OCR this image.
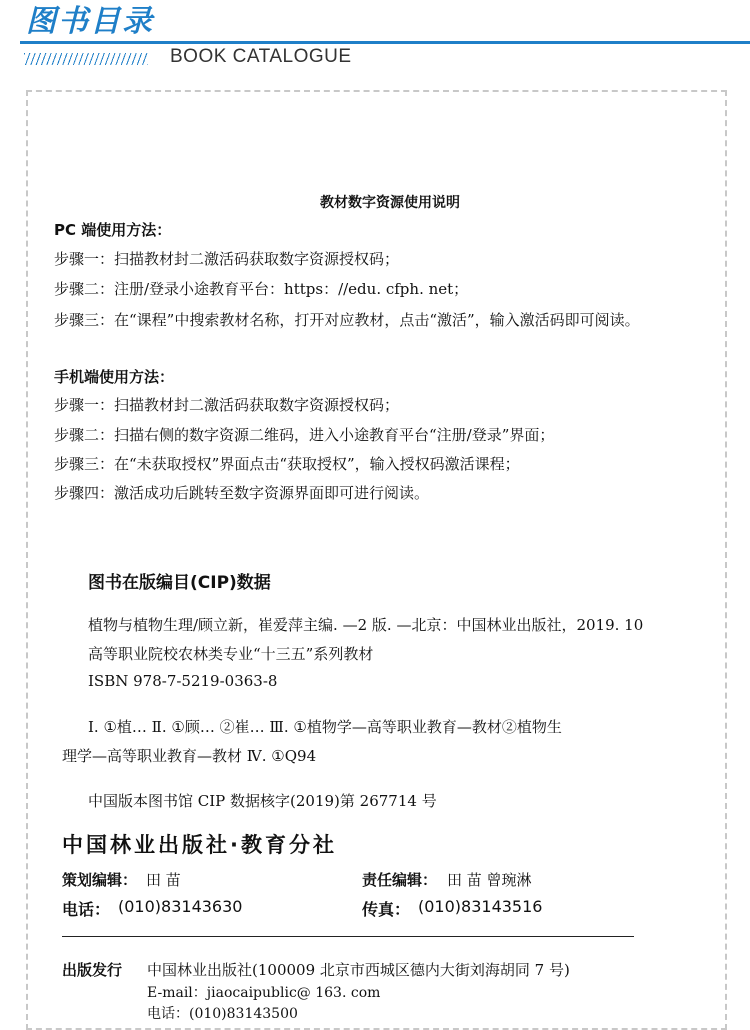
图书目录
BOOK CATALOGUE
教材数字资源使用说明
PC 端使用方法：
步骤一：扫描教材封二激活码获取数字资源授权码；
步骤二：注册/登录小途教育平台：https：//edu. cfph. net；
步骤三：在“课程”中搜索教材名称，打开对应教材，点击“激活”，输入激活码即可阅读。
手机端使用方法：
步骤一：扫描教材封二激活码获取数字资源授权码；
步骤二：扫描右侧的数字资源二维码，进入小途教育平台“注册/登录”界面；
步骤三：在“未获取授权”界面点击“获取授权”，输入授权码激活课程；
步骤四：激活成功后跳转至数字资源界面即可进行阅读。
图书在版编目(CIP)数据
植物与植物生理/顾立新，崔爱萍主编. —2 版. —北京：中国林业出版社，2019. 10
高等职业院校农林类专业“十三五”系列教材
ISBN 978-7-5219-0363-8
Ⅰ. ①植… Ⅱ. ①顾… ②崔… Ⅲ. ①植物学—高等职业教育—教材②植物生
理学—高等职业教育—教材 Ⅳ. ①Q94
中国版本图书馆 CIP 数据核字(2019)第 267714 号
中国林业出版社·教育分社
策划编辑： 田 苗	责任编辑： 田 苗 曾琬淋
电话： (010)83143630	传真： (010)83143516
出版发行 中国林业出版社(100009 北京市西城区德内大街刘海胡同 7 号)
E-mail：jiaocaipublic@ 163. com
电话：(010)83143500
